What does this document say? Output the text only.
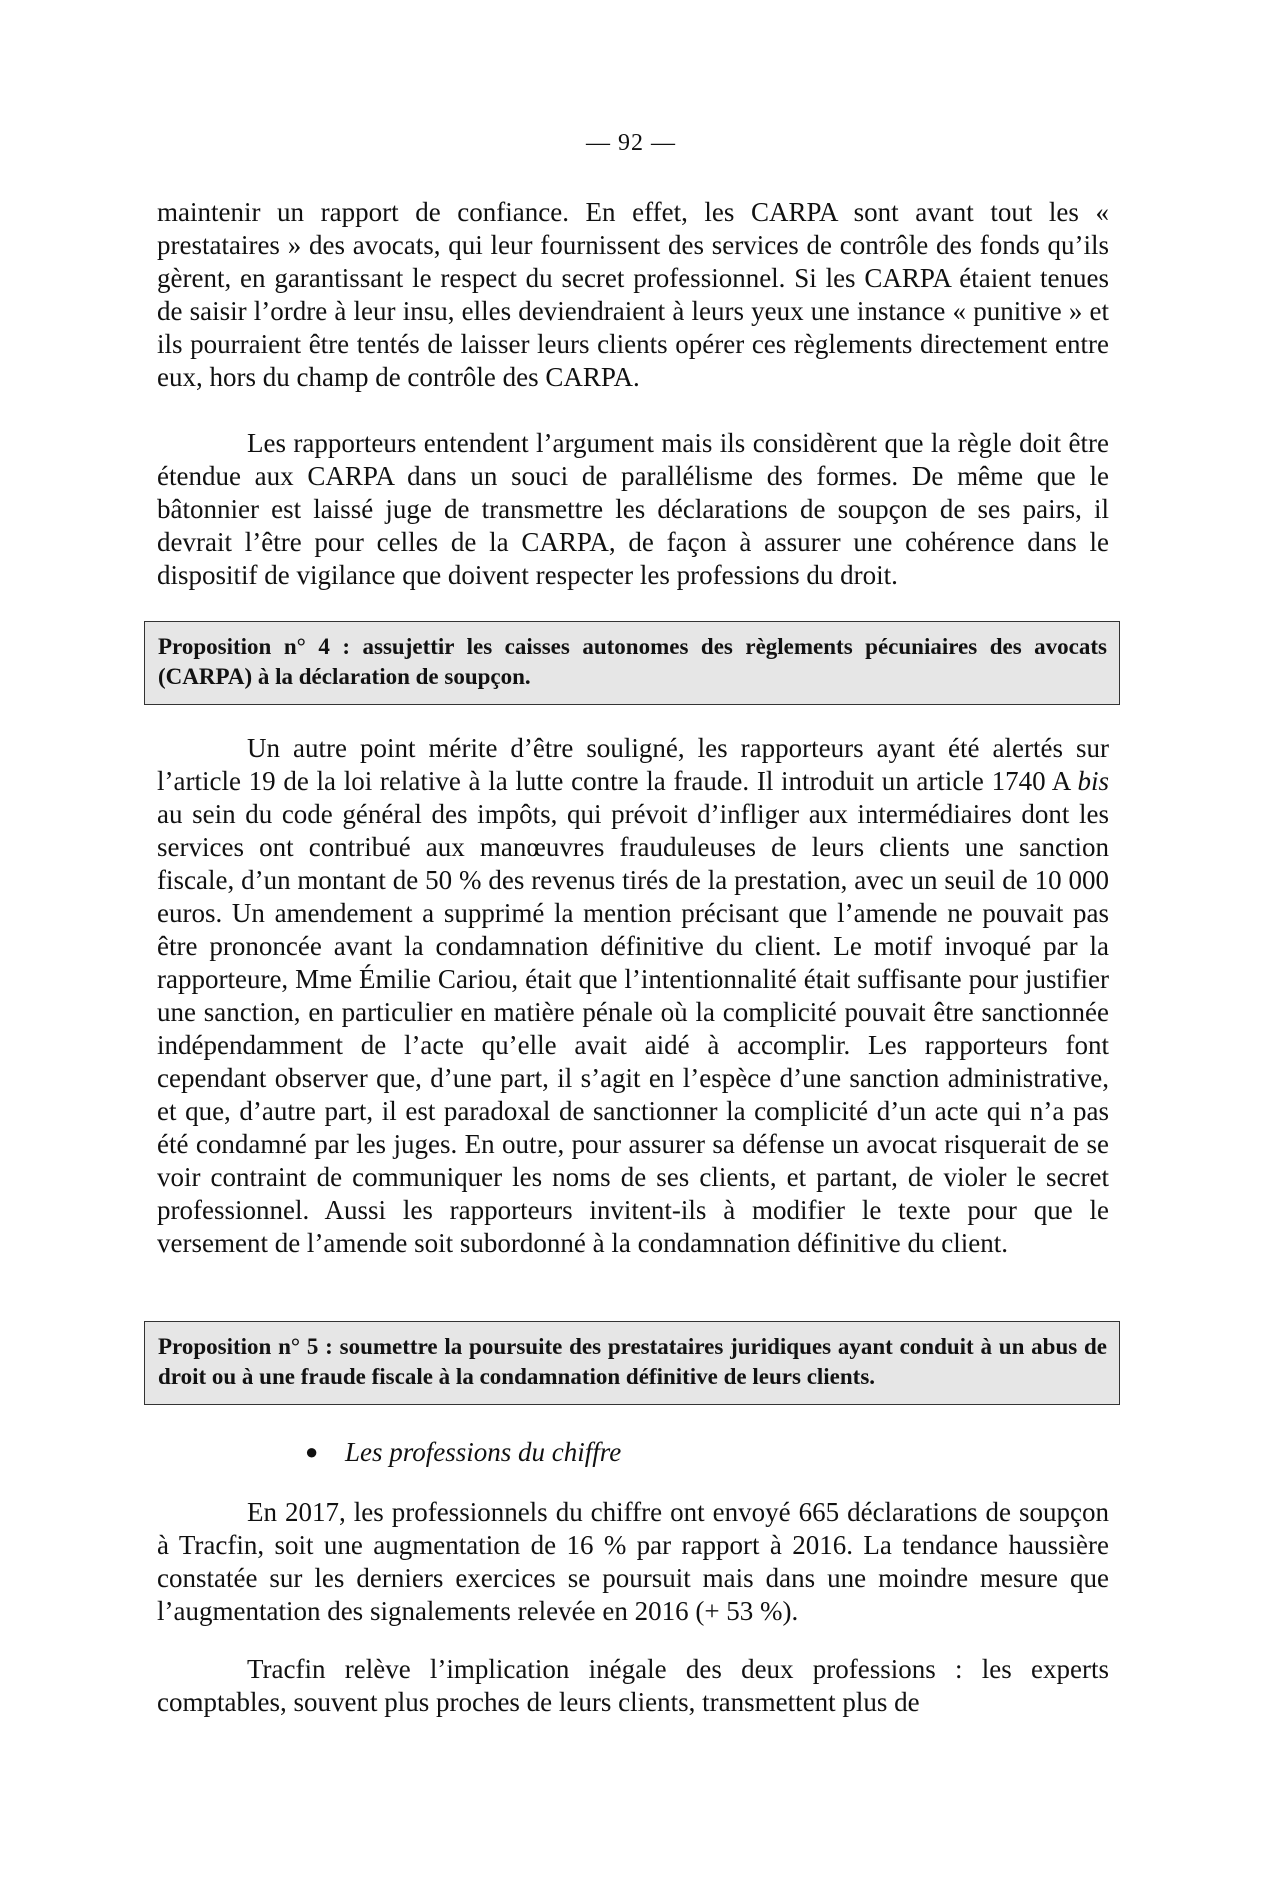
— 92 —

maintenir un rapport de confiance. En effet, les CARPA sont avant tout les « prestataires » des avocats, qui leur fournissent des services de contrôle des fonds qu’ils gèrent, en garantissant le respect du secret professionnel. Si les CARPA étaient tenues de saisir l’ordre à leur insu, elles deviendraient à leurs yeux une instance « punitive » et ils pourraient être tentés de laisser leurs clients opérer ces règlements directement entre eux, hors du champ de contrôle des CARPA.

Les rapporteurs entendent l’argument mais ils considèrent que la règle doit être étendue aux CARPA dans un souci de parallélisme des formes. De même que le bâtonnier est laissé juge de transmettre les déclarations de soupçon de ses pairs, il devrait l’être pour celles de la CARPA, de façon à assurer une cohérence dans le dispositif de vigilance que doivent respecter les professions du droit.

Proposition n° 4 : assujettir les caisses autonomes des règlements pécuniaires des avocats (CARPA) à la déclaration de soupçon.

Un autre point mérite d’être souligné, les rapporteurs ayant été alertés sur l’article 19 de la loi relative à la lutte contre la fraude. Il introduit un article 1740 A bis au sein du code général des impôts, qui prévoit d’infliger aux intermédiaires dont les services ont contribué aux manœuvres frauduleuses de leurs clients une sanction fiscale, d’un montant de 50 % des revenus tirés de la prestation, avec un seuil de 10 000 euros. Un amendement a supprimé la mention précisant que l’amende ne pouvait pas être prononcée avant la condamnation définitive du client. Le motif invoqué par la rapporteure, Mme Émilie Cariou, était que l’intentionnalité était suffisante pour justifier une sanction, en particulier en matière pénale où la complicité pouvait être sanctionnée indépendamment de l’acte qu’elle avait aidé à accomplir. Les rapporteurs font cependant observer que, d’une part, il s’agit en l’espèce d’une sanction administrative, et que, d’autre part, il est paradoxal de sanctionner la complicité d’un acte qui n’a pas été condamné par les juges. En outre, pour assurer sa défense un avocat risquerait de se voir contraint de communiquer les noms de ses clients, et partant, de violer le secret professionnel. Aussi les rapporteurs invitent-ils à modifier le texte pour que le versement de l’amende soit subordonné à la condamnation définitive du client.

Proposition n° 5 : soumettre la poursuite des prestataires juridiques ayant conduit à un abus de droit ou à une fraude fiscale à la condamnation définitive de leurs clients.
● Les professions du chiffre

En 2017, les professionnels du chiffre ont envoyé 665 déclarations de soupçon à Tracfin, soit une augmentation de 16 % par rapport à 2016. La tendance haussière constatée sur les derniers exercices se poursuit mais dans une moindre mesure que l’augmentation des signalements relevée en 2016 (+ 53 %).

Tracfin relève l’implication inégale des deux professions : les experts comptables, souvent plus proches de leurs clients, transmettent plus de
